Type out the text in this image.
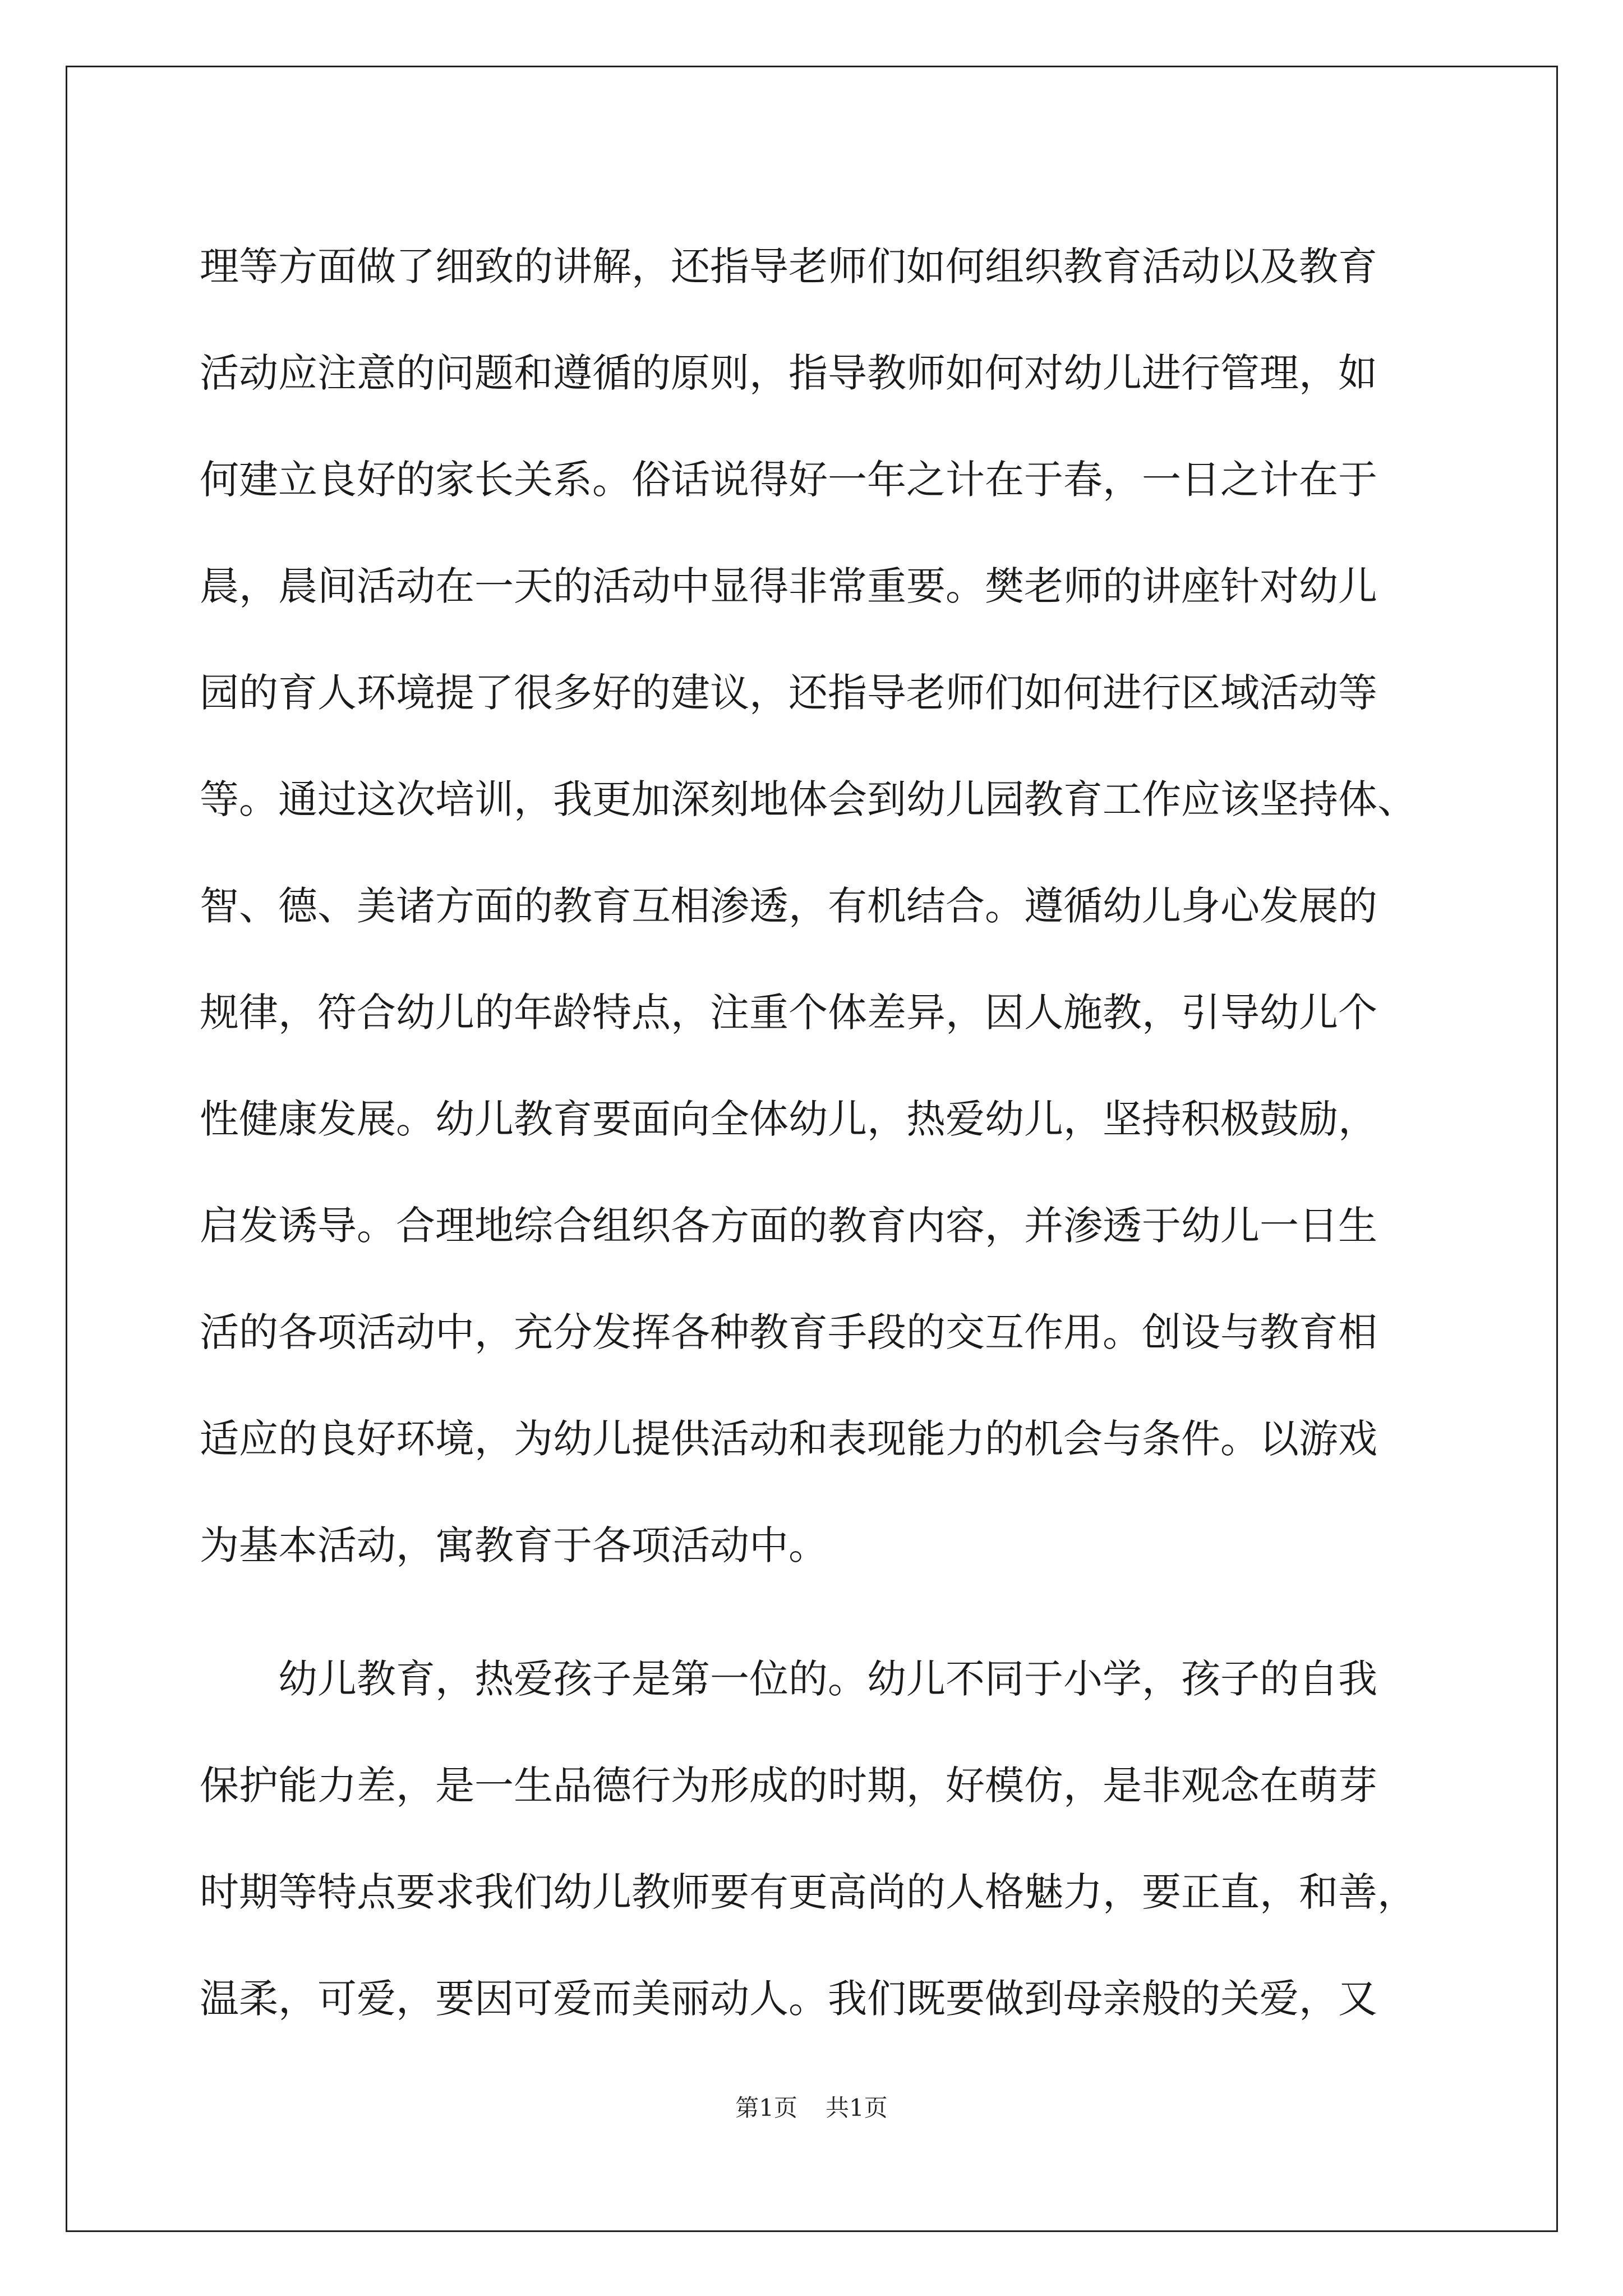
理等方面做了细致的讲解，还指导老师们如何组织教育活动以及教育
活动应注意的问题和遵循的原则，指导教师如何对幼儿进行管理，如
何建立良好的家长关系。俗话说得好一年之计在于春，一日之计在于
晨，晨间活动在一天的活动中显得非常重要。樊老师的讲座针对幼儿
园的育人环境提了很多好的建议，还指导老师们如何进行区域活动等
等。通过这次培训，我更加深刻地体会到幼儿园教育工作应该坚持体、
智、德、美诸方面的教育互相渗透，有机结合。遵循幼儿身心发展的
规律，符合幼儿的年龄特点，注重个体差异，因人施教，引导幼儿个
性健康发展。幼儿教育要面向全体幼儿，热爱幼儿，坚持积极鼓励，
启发诱导。合理地综合组织各方面的教育内容，并渗透于幼儿一日生
活的各项活动中，充分发挥各种教育手段的交互作用。创设与教育相
适应的良好环境，为幼儿提供活动和表现能力的机会与条件。以游戏
为基本活动，寓教育于各项活动中。
幼儿教育，热爱孩子是第一位的。幼儿不同于小学，孩子的自我
保护能力差，是一生品德行为形成的时期，好模仿，是非观念在萌芽
时期等特点要求我们幼儿教师要有更高尚的人格魅力，要正直，和善，
温柔，可爱，要因可爱而美丽动人。我们既要做到母亲般的关爱，又
第1页 共1页
